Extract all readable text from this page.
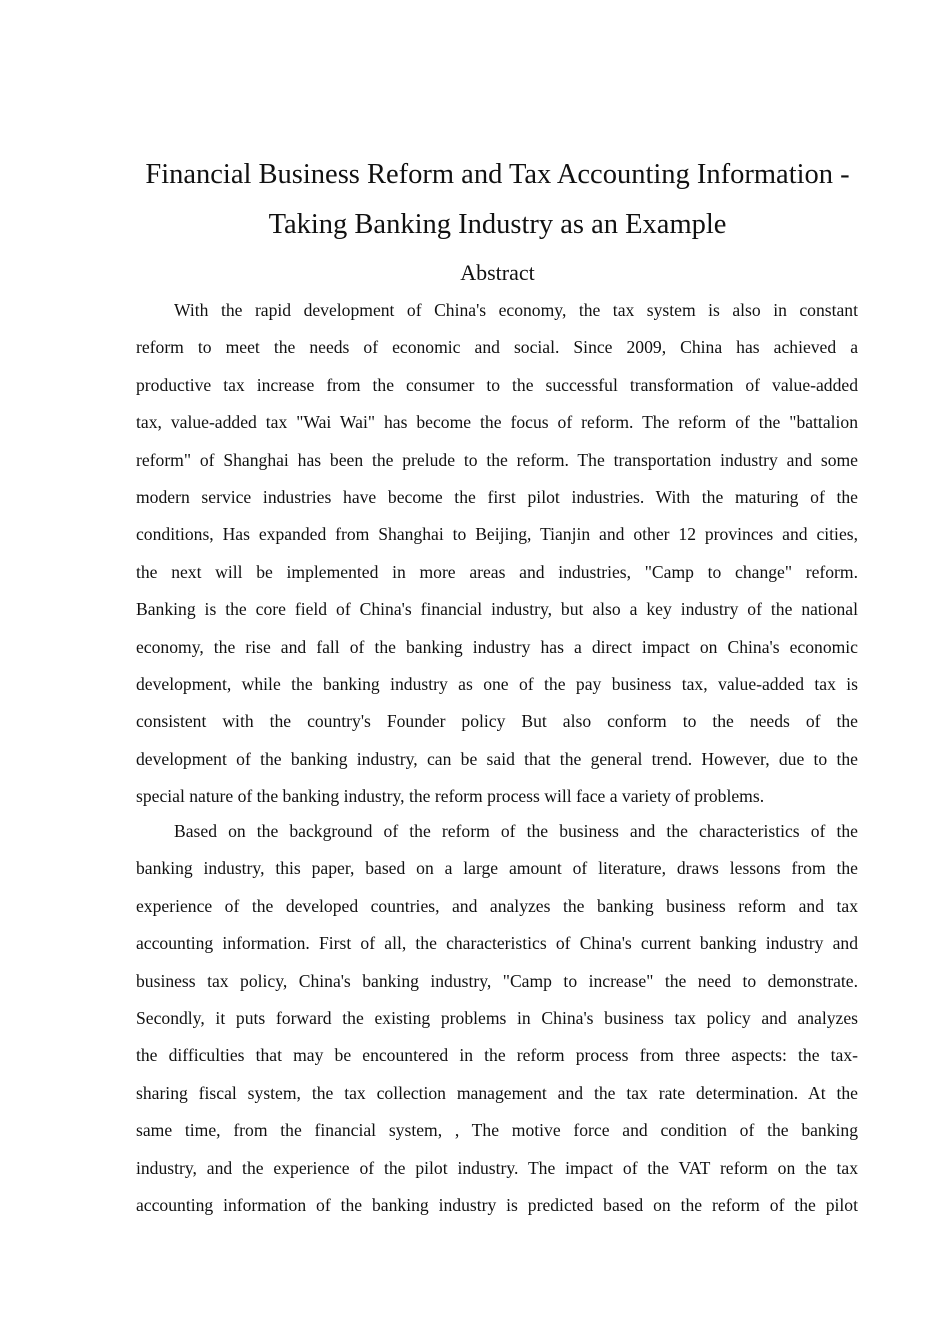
Financial Business Reform and Tax Accounting Information -
Taking Banking Industry as an Example
Abstract
With the rapid development of China's economy, the tax system is also in constant
reform to meet the needs of economic and social. Since 2009, China has achieved a
productive tax increase from the consumer to the successful transformation of value-added
tax, value-added tax "Wai Wai" has become the focus of reform. The reform of the "battalion
reform" of Shanghai has been the prelude to the reform. The transportation industry and some
modern service industries have become the first pilot industries. With the maturing of the
conditions, Has expanded from Shanghai to Beijing, Tianjin and other 12 provinces and cities,
the next will be implemented in more areas and industries, "Camp to change" reform.
Banking is the core field of China's financial industry, but also a key industry of the national
economy, the rise and fall of the banking industry has a direct impact on China's economic
development, while the banking industry as one of the pay business tax, value-added tax is
consistent with the country's Founder policy But also conform to the needs of the
development of the banking industry, can be said that the general trend. However, due to the
special nature of the banking industry, the reform process will face a variety of problems.
Based on the background of the reform of the business and the characteristics of the
banking industry, this paper, based on a large amount of literature, draws lessons from the
experience of the developed countries, and analyzes the banking business reform and tax
accounting information. First of all, the characteristics of China's current banking industry and
business tax policy, China's banking industry, "Camp to increase" the need to demonstrate.
Secondly, it puts forward the existing problems in China's business tax policy and analyzes
the difficulties that may be encountered in the reform process from three aspects: the tax-
sharing fiscal system, the tax collection management and the tax rate determination. At the
same time, from the financial system, , The motive force and condition of the banking
industry, and the experience of the pilot industry. The impact of the VAT reform on the tax
accounting information of the banking industry is predicted based on the reform of the pilot
